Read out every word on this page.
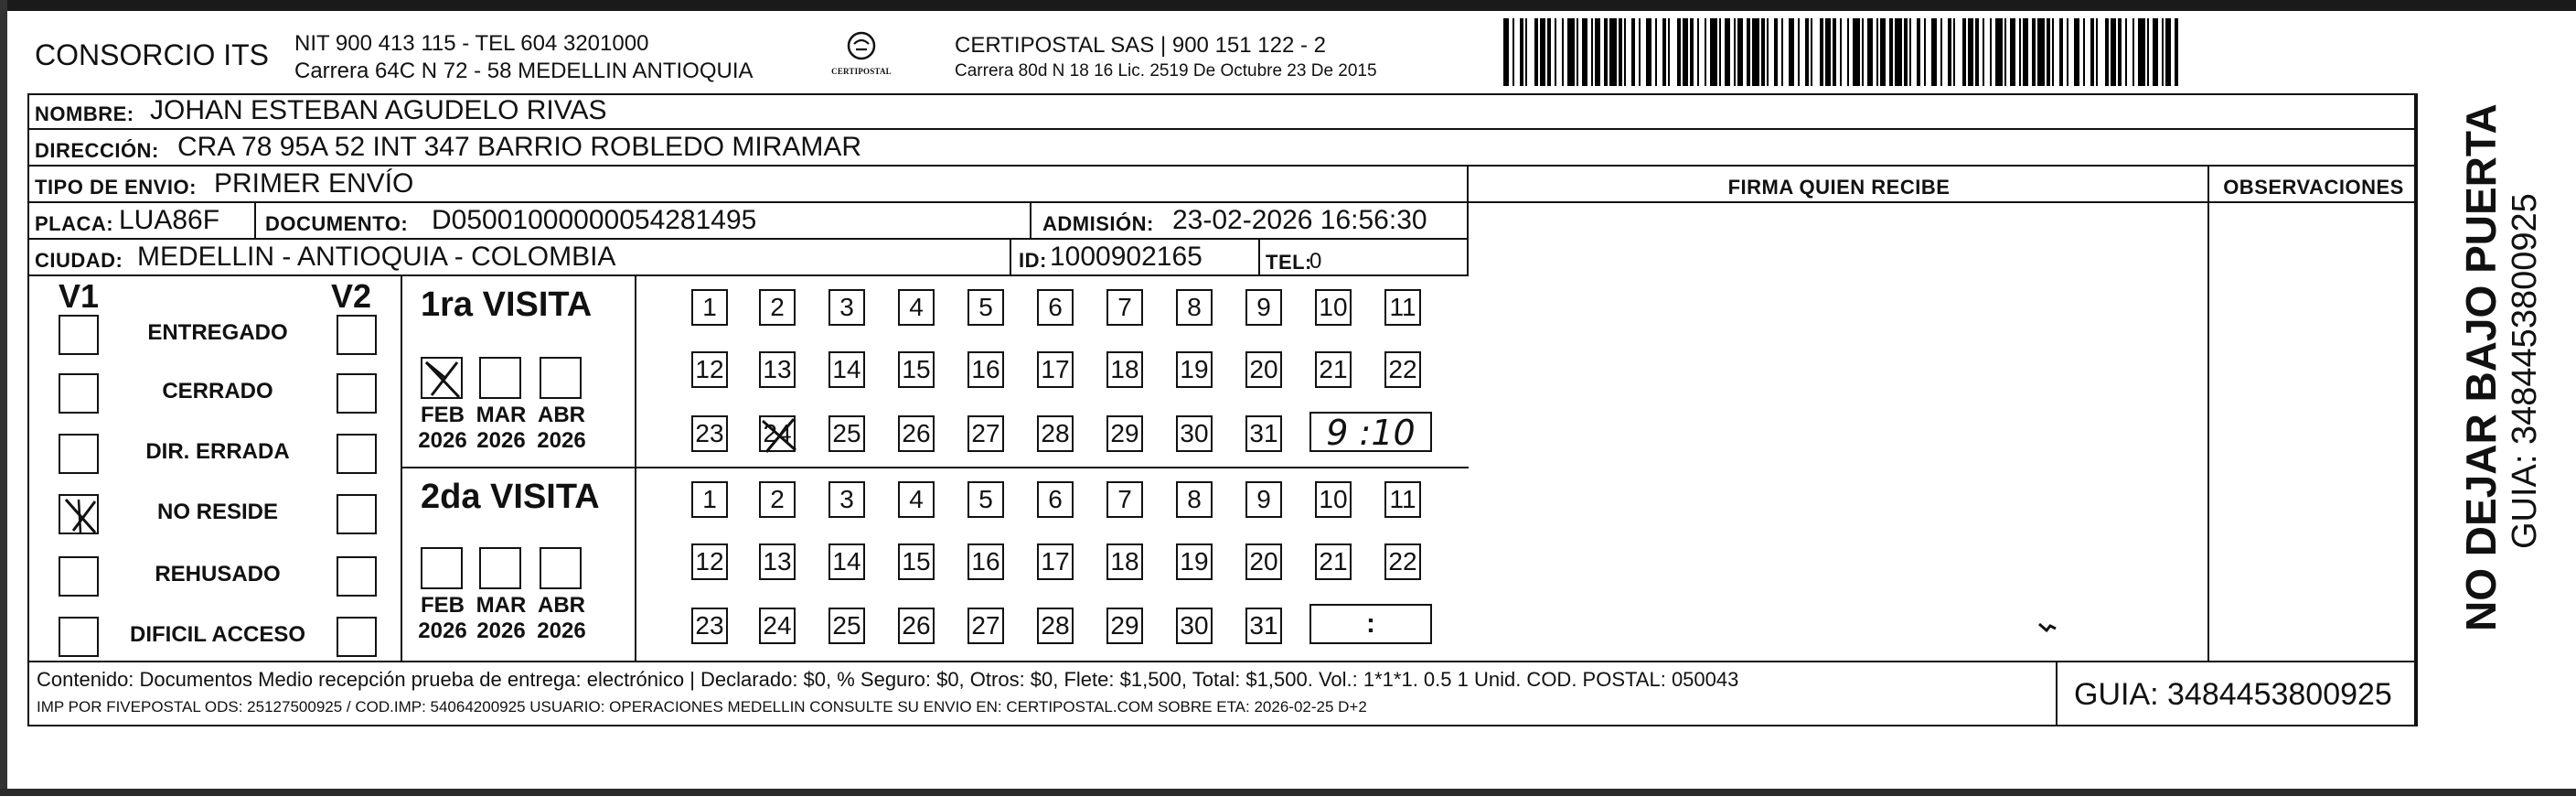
CONSORCIO ITS NIT 900 413 115 - TEL 604 3201000
Carrera 64C N 72 - 58 MEDELLIN ANTIOQUIA	CERTIPOSTAL
CERTIPOSTAL SAS | 900 151 122 - 2
Carrera 80d N 18 16 Lic. 2519 De Octubre 23 De 2015
NOMBRE: JOHAN ESTEBAN AGUDELO RIVAS
DIRECCIÓN: CRA 78 95A 52 INT 347 BARRIO ROBLEDO MIRAMAR
TIPO DE ENVIO: PRIMER ENVÍO	FIRMA QUIEN RECIBE	OBSERVACIONES
PLACA: LUA86F DOCUMENTO: D05001000000054281495	ADMISIÓN: 23-02-2026 16:56:30
CIUDAD: MEDELLIN - ANTIOQUIA - COLOMBIA	ID: 1000902165	TEL:
0
V1	V2
ENTREGADO
CERRADO
DIR. ERRADA
NO RESIDE
REHUSADO
DIFICIL ACCESO
1ra VISITA
2da VISITA
FEB
2026
MAR
2026
ABR
2026
FEB
2026
MAR
2026
ABR
2026
1	2	3	4	5	6	7	8	9	10 11
12 13 14 15 16 17 18 19 20 21 22
23 24 25 26 27 28 29 30 31
1	2	3	4	5	6	7	8	9	10 11
12 13 14 15 16 17 18 19 20 21 22
23 24 25 26 27 28 29 30 31
9 :10
:
Contenido: Documentos Medio recepción prueba de entrega: electrónico | Declarado: $0, % Seguro: $0, Otros: $0, Flete: $1,500, Total: $1,500. Vol.: 1*1*1. 0.5 1 Unid. COD. POSTAL: 050043
IMP POR FIVEPOSTAL ODS: 25127500925 / COD.IMP: 54064200925 USUARIO: OPERACIONES MEDELLIN CONSULTE SU ENVIO EN: CERTIPOSTAL.COM SOBRE ETA: 2026-02-25 D+2	GUIA: 3484453800925
NO DEJAR BAJO PUERTA GUIA: 3484453800925
